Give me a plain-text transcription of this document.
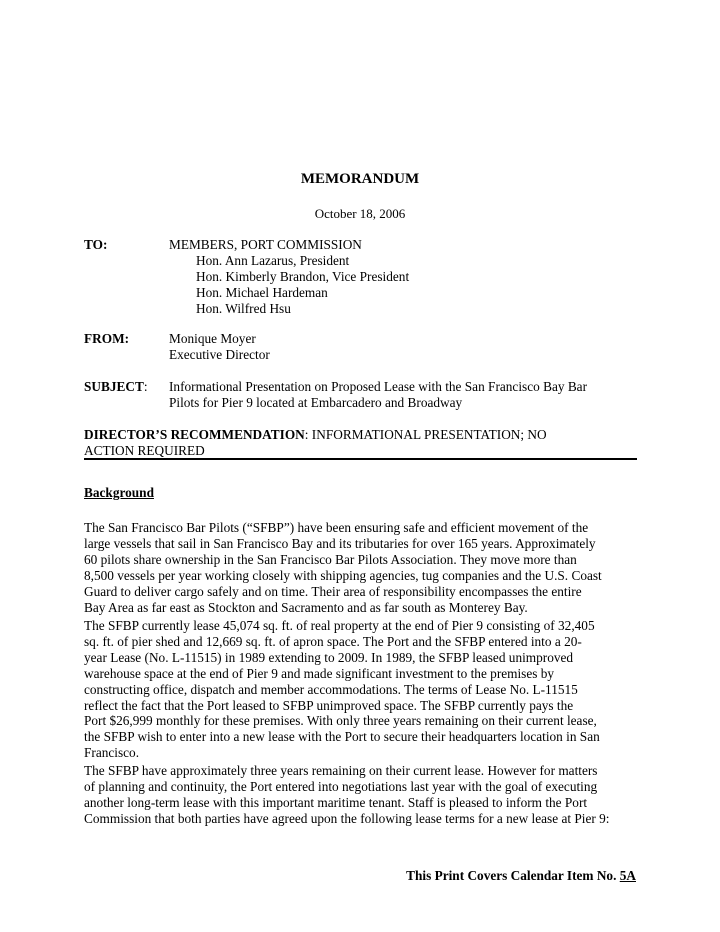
MEMORANDUM
October 18, 2006
TO:	MEMBERS, PORT COMMISSION
Hon. Ann Lazarus, President
Hon. Kimberly Brandon, Vice President
Hon. Michael Hardeman
Hon. Wilfred Hsu
FROM:	Monique Moyer
Executive Director
SUBJECT: Informational Presentation on Proposed Lease with the San Francisco Bay Bar
Pilots for Pier 9 located at Embarcadero and Broadway
DIRECTOR’S RECOMMENDATION: INFORMATIONAL PRESENTATION; NO
ACTION REQUIRED
Background
The San Francisco Bar Pilots (“SFBP”) have been ensuring safe and efficient movement of the
large vessels that sail in San Francisco Bay and its tributaries for over 165 years. Approximately
60 pilots share ownership in the San Francisco Bar Pilots Association. They move more than
8,500 vessels per year working closely with shipping agencies, tug companies and the U.S. Coast
Guard to deliver cargo safely and on time. Their area of responsibility encompasses the entire
Bay Area as far east as Stockton and Sacramento and as far south as Monterey Bay.
The SFBP currently lease 45,074 sq. ft. of real property at the end of Pier 9 consisting of 32,405
sq. ft. of pier shed and 12,669 sq. ft. of apron space. The Port and the SFBP entered into a 20-
year Lease (No. L-11515) in 1989 extending to 2009. In 1989, the SFBP leased unimproved
warehouse space at the end of Pier 9 and made significant investment to the premises by
constructing office, dispatch and member accommodations. The terms of Lease No. L-11515
reflect the fact that the Port leased to SFBP unimproved space. The SFBP currently pays the
Port $26,999 monthly for these premises. With only three years remaining on their current lease,
the SFBP wish to enter into a new lease with the Port to secure their headquarters location in San
Francisco.
The SFBP have approximately three years remaining on their current lease. However for matters
of planning and continuity, the Port entered into negotiations last year with the goal of executing
another long-term lease with this important maritime tenant. Staff is pleased to inform the Port
Commission that both parties have agreed upon the following lease terms for a new lease at Pier 9:
This Print Covers Calendar Item No. 5A
